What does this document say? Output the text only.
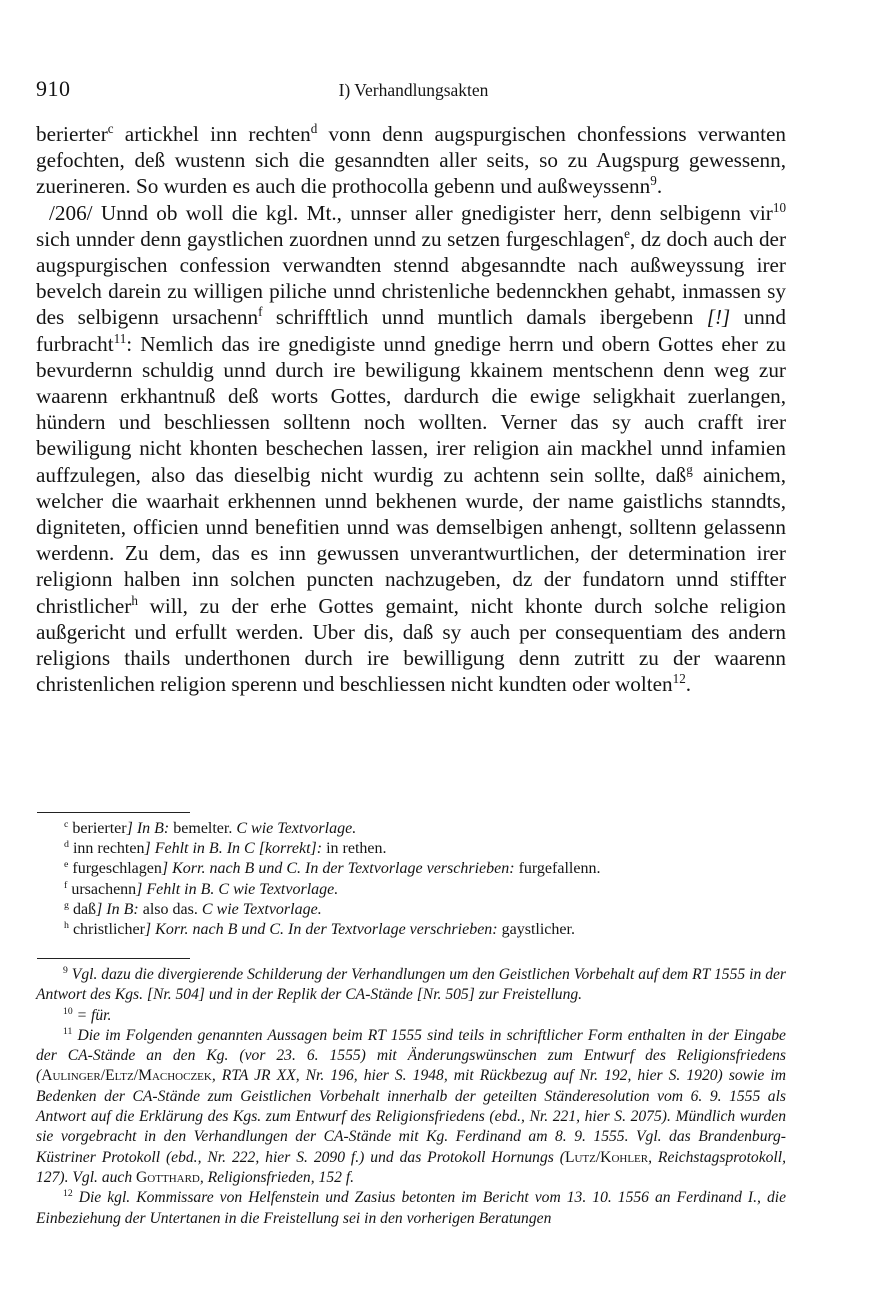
910	I) Verhandlungsakten

berierter$^c$ artickhel inn rechten$^d$ vonn denn augspurgischen chonfessions verwanten gefochten, deß wustenn sich die gesanndten aller seits, so zu Augspurg gewessenn, zuerineren. So wurden es auch die prothocolla gebenn und außweyssenn$^9$.

/206/ Unnd ob woll die kgl. Mt., unnser aller gnedigister herr, denn selbigenn vir$^{10}$ sich unnder denn gaystlichen zuordnen unnd zu setzen furgeschlagen$^e$, dz doch auch der augspurgischen confession verwandten stennd abgesanndte nach außweyssung irer bevelch darein zu willigen piliche unnd christenliche bedennckhen gehabt, inmassen sy des selbigenn ursachenn$^f$ schrifftlich unnd muntlich damals ibergebenn [!] unnd furbracht$^{11}$: Nemlich das ire gnedigiste unnd gnedige herrn und obern Gottes eher zu bevurdernn schuldig unnd durch ire bewiligung kkainem mentschenn denn weg zur waarenn erkhantnuß deß worts Gottes, dardurch die ewige seligkhait zuerlangen, hündern und beschliessen solltenn noch wollten. Verner das sy auch crafft irer bewiligung nicht khonten beschechen lassen, irer religion ain mackhel unnd infamien auffzulegen, also das dieselbig nicht wurdig zu achtenn sein sollte, daß$^g$ ainichem, welcher die waarhait erkhennen unnd bekhenen wurde, der name gaistlichs stanndts, digniteten, officien unnd benefitien unnd was demselbigen anhengt, solltenn gelassenn werdenn. Zu dem, das es inn gewussen unverantwurtlichen, der determination irer religionn halben inn solchen puncten nachzugeben, dz der fundatorn unnd stiffter christlicher$^h$ will, zu der erhe Gottes gemaint, nicht khonte durch solche religion außgericht und erfullt werden. Uber dis, daß sy auch per consequentiam des andern religions thails underthonen durch ire bewilligung denn zutritt zu der waarenn christenlichen religion sperenn und beschliessen nicht kundten oder wolten$^{12}$.

$^c$ berierter] In B: bemelter. C wie Textvorlage.
$^d$ inn rechten] Fehlt in B. In C [korrekt]: in rethen.
$^e$ furgeschlagen] Korr. nach B und C. In der Textvorlage verschrieben: furgefallenn.
$^f$ ursachenn] Fehlt in B. C wie Textvorlage.
$^g$ daß] In B: also das. C wie Textvorlage.
$^h$ christlicher] Korr. nach B und C. In der Textvorlage verschrieben: gaystlicher.

$^9$ Vgl. dazu die divergierende Schilderung der Verhandlungen um den Geistlichen Vorbehalt auf dem RT 1555 in der Antwort des Kgs. [Nr. 504] und in der Replik der CA-Stände [Nr. 505] zur Freistellung.

$^{10}$ = für.

$^{11}$ Die im Folgenden genannten Aussagen beim RT 1555 sind teils in schriftlicher Form enthalten in der Eingabe der CA-Stände an den Kg. (vor 23. 6. 1555) mit Änderungswünschen zum Entwurf des Religionsfriedens (Aulinger/Eltz/Machoczek, RTA JR XX, Nr. 196, hier S. 1948, mit Rückbezug auf Nr. 192, hier S. 1920) sowie im Bedenken der CA-Stände zum Geistlichen Vorbehalt innerhalb der geteilten Ständeresolution vom 6. 9. 1555 als Antwort auf die Erklärung des Kgs. zum Entwurf des Religionsfriedens (ebd., Nr. 221, hier S. 2075). Mündlich wurden sie vorgebracht in den Verhandlungen der CA-Stände mit Kg. Ferdinand am 8. 9. 1555. Vgl. das Brandenburg-Küstriner Protokoll (ebd., Nr. 222, hier S. 2090 f.) und das Protokoll Hornungs (Lutz/Kohler, Reichstagsprotokoll, 127). Vgl. auch Gotthard, Religionsfrieden, 152 f.

$^{12}$ Die kgl. Kommissare von Helfenstein und Zasius betonten im Bericht vom 13. 10. 1556 an Ferdinand I., die Einbeziehung der Untertanen in die Freistellung sei in den vorherigen Beratungen
